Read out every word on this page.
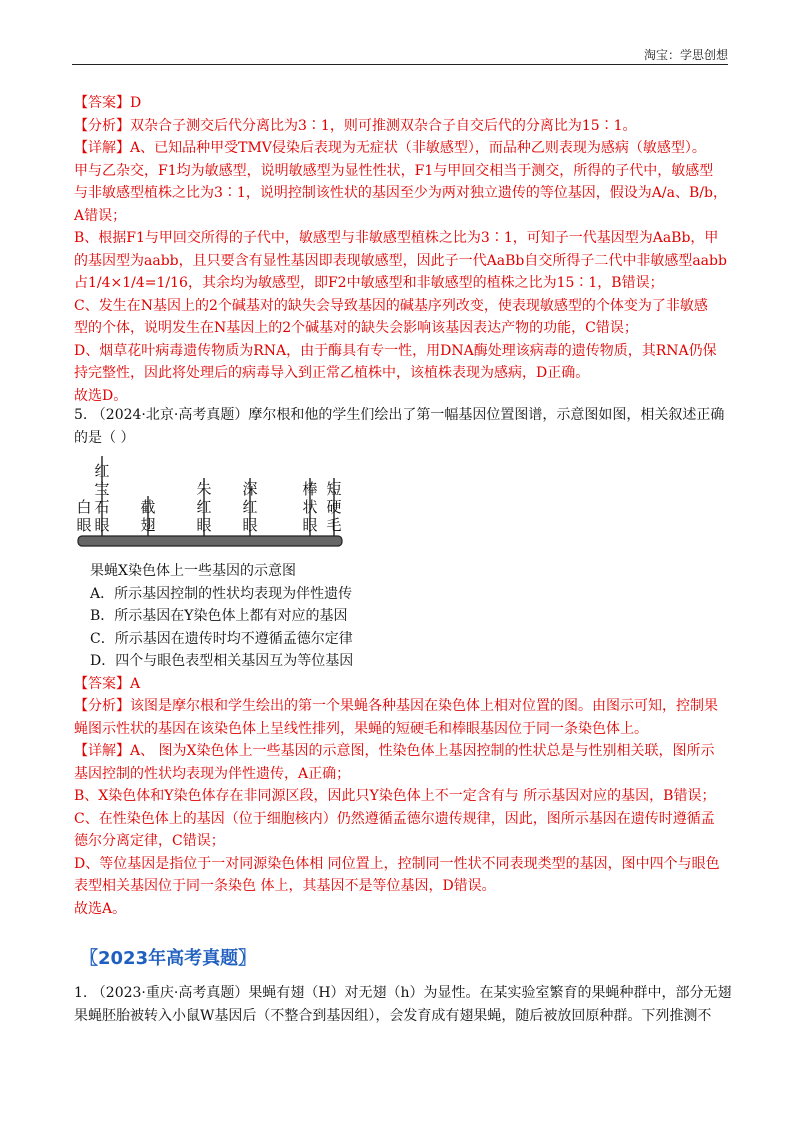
淘宝：学思创想

【答案】D

【分析】双杂合子测交后代分离比为3∶1，则可推测双杂合子自交后代的分离比为15∶1。

【详解】A、已知品种甲受TMV侵染后表现为无症状（非敏感型），而品种乙则表现为感病（敏感型）。

甲与乙杂交，F1均为敏感型，说明敏感型为显性性状，F1与甲回交相当于测交，所得的子代中，敏感型

与非敏感型植株之比为3∶1，说明控制该性状的基因至少为两对独立遗传的等位基因，假设为A/a、B/b，

A错误；

B、根据F1与甲回交所得的子代中，敏感型与非敏感型植株之比为3∶1，可知子一代基因型为AaBb，甲

的基因型为aabb，且只要含有显性基因即表现敏感型，因此子一代AaBb自交所得子二代中非敏感型aabb

占1/4×1/4=1/16，其余均为敏感型，即F2中敏感型和非敏感型的植株之比为15∶1，B错误；

C、发生在N基因上的2个碱基对的缺失会导致基因的碱基序列改变，使表现敏感型的个体变为了非敏感

型的个体，说明发生在N基因上的2个碱基对的缺失会影响该基因表达产物的功能，C错误；

D、烟草花叶病毒遗传物质为RNA，由于酶具有专一性，用DNA酶处理该病毒的遗传物质，其RNA仍保

持完整性，因此将处理后的病毒导入到正常乙植株中，该植株表现为感病，D正确。

故选D。

5. （2024·北京·高考真题）摩尔根和他的学生们绘出了第一幅基因位置图谱，示意图如图，相关叙述正确

的是（ ）

白
眼
红
宝
石
眼
截
翅
朱
红
眼
深
红
眼
棒
状
眼
短
硬
毛

果蝇X染色体上一些基因的示意图

A．所示基因控制的性状均表现为伴性遗传

B．所示基因在Y染色体上都有对应的基因

C．所示基因在遗传时均不遵循孟德尔定律

D．四个与眼色表型相关基因互为等位基因

【答案】A

【分析】该图是摩尔根和学生绘出的第一个果蝇各种基因在染色体上相对位置的图。由图示可知，控制果

蝇图示性状的基因在该染色体上呈线性排列，果蝇的短硬毛和棒眼基因位于同一条染色体上。

【详解】A、 图为X染色体上一些基因的示意图，性染色体上基因控制的性状总是与性别相关联，图所示

基因控制的性状均表现为伴性遗传，A正确；

B、X染色体和Y染色体存在非同源区段，因此只Y染色体上不一定含有与 所示基因对应的基因，B错误；

C、在性染色体上的基因（位于细胞核内）仍然遵循孟德尔遗传规律，因此，图所示基因在遗传时遵循孟

德尔分离定律，C错误；

D、等位基因是指位于一对同源染色体相 同位置上，控制同一性状不同表现类型的基因，图中四个与眼色

表型相关基因位于同一条染色 体上，其基因不是等位基因，D错误。

故选A。

〖2023年高考真题〗

1. （2023·重庆·高考真题）果蝇有翅（H）对无翅（h）为显性。在某实验室繁育的果蝇种群中，部分无翅

果蝇胚胎被转入小鼠W基因后（不整合到基因组），会发育成有翅果蝇，随后被放回原种群。下列推测不
